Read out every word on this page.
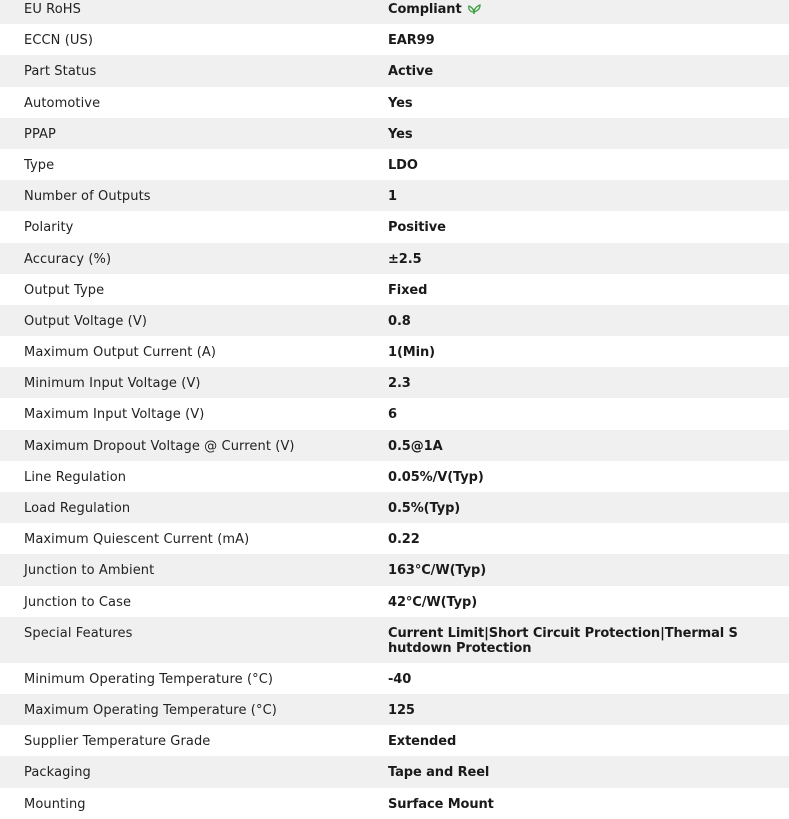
EU RoHS	Compliant
ECCN (US)	EAR99
Part Status	Active
Automotive	Yes
PPAP	Yes
Type	LDO
Number of Outputs	1
Polarity	Positive
Accuracy (%)	±2.5
Output Type	Fixed
Output Voltage (V)	0.8
Maximum Output Current (A)	1(Min)
Minimum Input Voltage (V)	2.3
Maximum Input Voltage (V)	6
Maximum Dropout Voltage @ Current (V)	0.5@1A
Line Regulation	0.05%/V(Typ)
Load Regulation	0.5%(Typ)
Maximum Quiescent Current (mA)	0.22
Junction to Ambient	163°C/W(Typ)
Junction to Case	42°C/W(Typ)
Special Features	Current Limit|Short Circuit Protection|Thermal Shutdown Protection
Minimum Operating Temperature (°C)	-40
Maximum Operating Temperature (°C)	125
Supplier Temperature Grade	Extended
Packaging	Tape and Reel
Mounting	Surface Mount
